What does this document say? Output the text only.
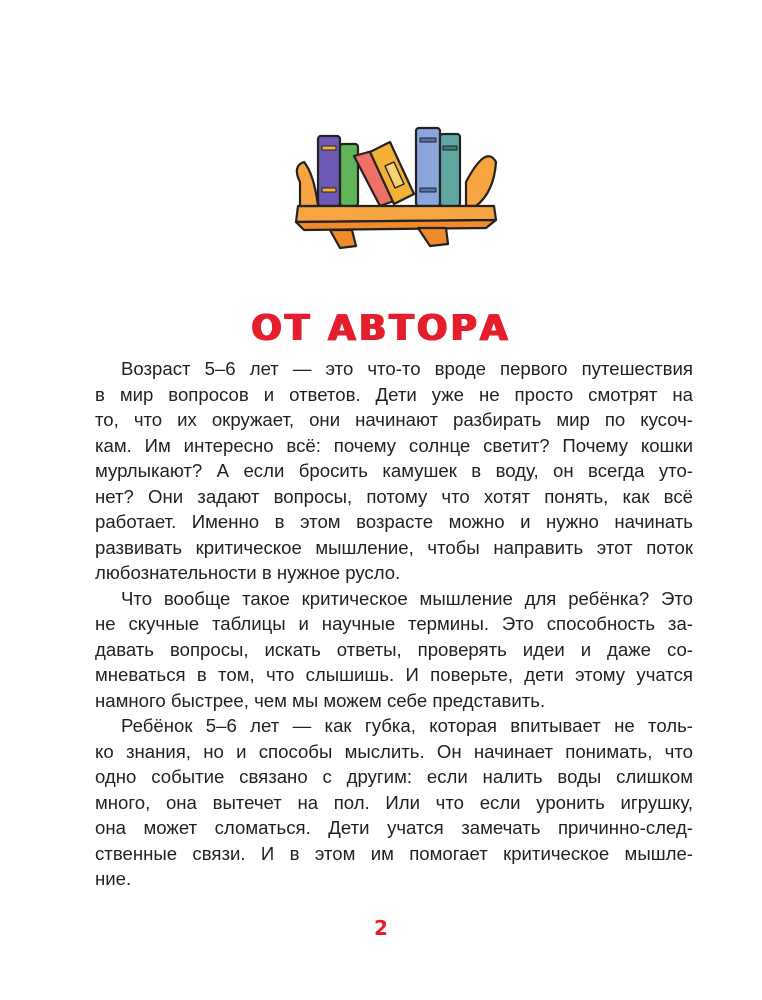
ОТ АВТОРА
Возраст 5–6 лет — это что-то вроде первого путешествия
в мир вопросов и ответов. Дети уже не просто смотрят на
то, что их окружает, они начинают разбирать мир по кусоч-
кам. Им интересно всё: почему солнце светит? Почему кошки
мурлыкают? А если бросить камушек в воду, он всегда уто-
нет? Они задают вопросы, потому что хотят понять, как всё
работает. Именно в этом возрасте можно и нужно начинать
развивать критическое мышление, чтобы направить этот поток
любознательности в нужное русло.
Что вообще такое критическое мышление для ребёнка? Это
не скучные таблицы и научные термины. Это способность за-
давать вопросы, искать ответы, проверять идеи и даже со-
мневаться в том, что слышишь. И поверьте, дети этому учатся
намного быстрее, чем мы можем себе представить.
Ребёнок 5–6 лет — как губка, которая впитывает не толь-
ко знания, но и способы мыслить. Он начинает понимать, что
одно событие связано с другим: если налить воды слишком
много, она вытечет на пол. Или что если уронить игрушку,
она может сломаться. Дети учатся замечать причинно-след-
ственные связи. И в этом им помогает критическое мышле-
ние.
2
